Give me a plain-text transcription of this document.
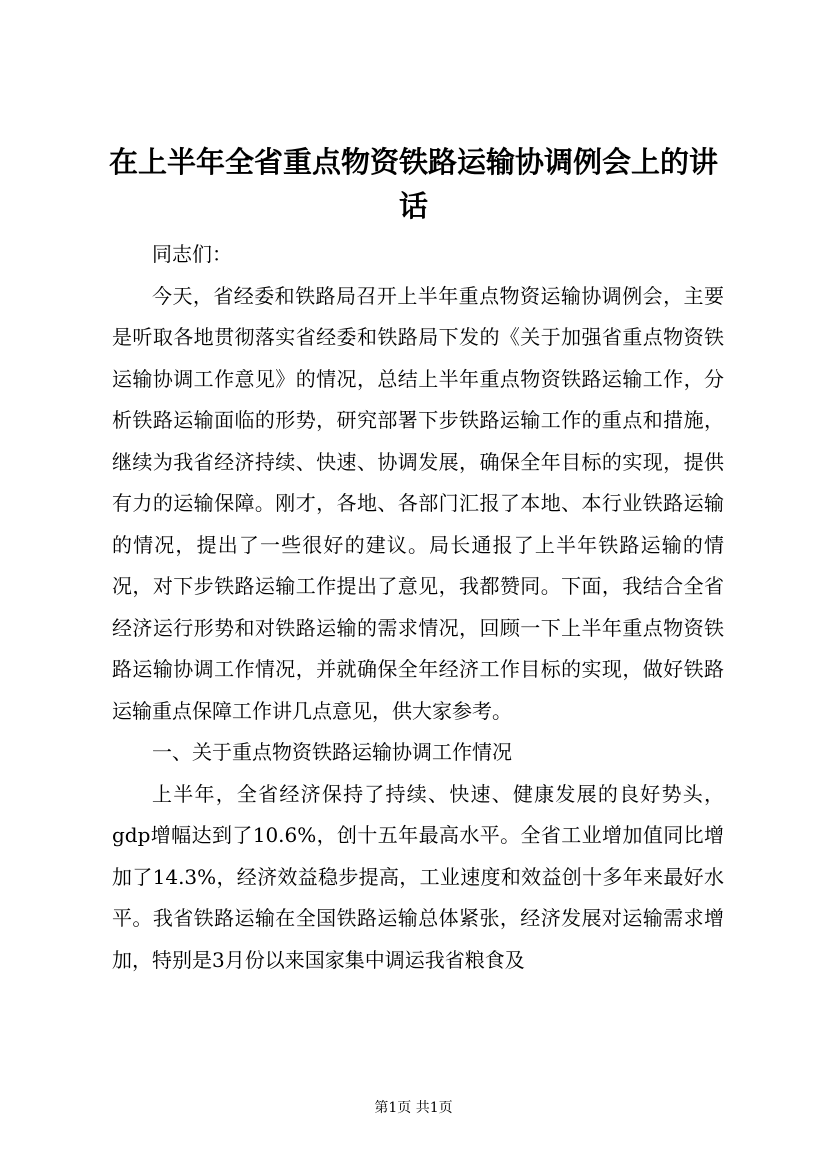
在上半年全省重点物资铁路运输协调例会上的讲话

同志们：

今天，省经委和铁路局召开上半年重点物资运输协调例会，主要是听取各地贯彻落实省经委和铁路局下发的《关于加强省重点物资铁运输协调工作意见》的情况，总结上半年重点物资铁路运输工作，分析铁路运输面临的形势，研究部署下步铁路运输工作的重点和措施，继续为我省经济持续、快速、协调发展，确保全年目标的实现，提供有力的运输保障。刚才，各地、各部门汇报了本地、本行业铁路运输的情况，提出了一些很好的建议。局长通报了上半年铁路运输的情况，对下步铁路运输工作提出了意见，我都赞同。下面，我结合全省经济运行形势和对铁路运输的需求情况，回顾一下上半年重点物资铁路运输协调工作情况，并就确保全年经济工作目标的实现，做好铁路运输重点保障工作讲几点意见，供大家参考。

一、关于重点物资铁路运输协调工作情况

上半年，全省经济保持了持续、快速、健康发展的良好势头，gdp增幅达到了10.6%，创十五年最高水平。全省工业增加值同比增加了14.3%，经济效益稳步提高，工业速度和效益创十多年来最好水平。我省铁路运输在全国铁路运输总体紧张，经济发展对运输需求增加，特别是3月份以来国家集中调运我省粮食及

第1页 共1页
